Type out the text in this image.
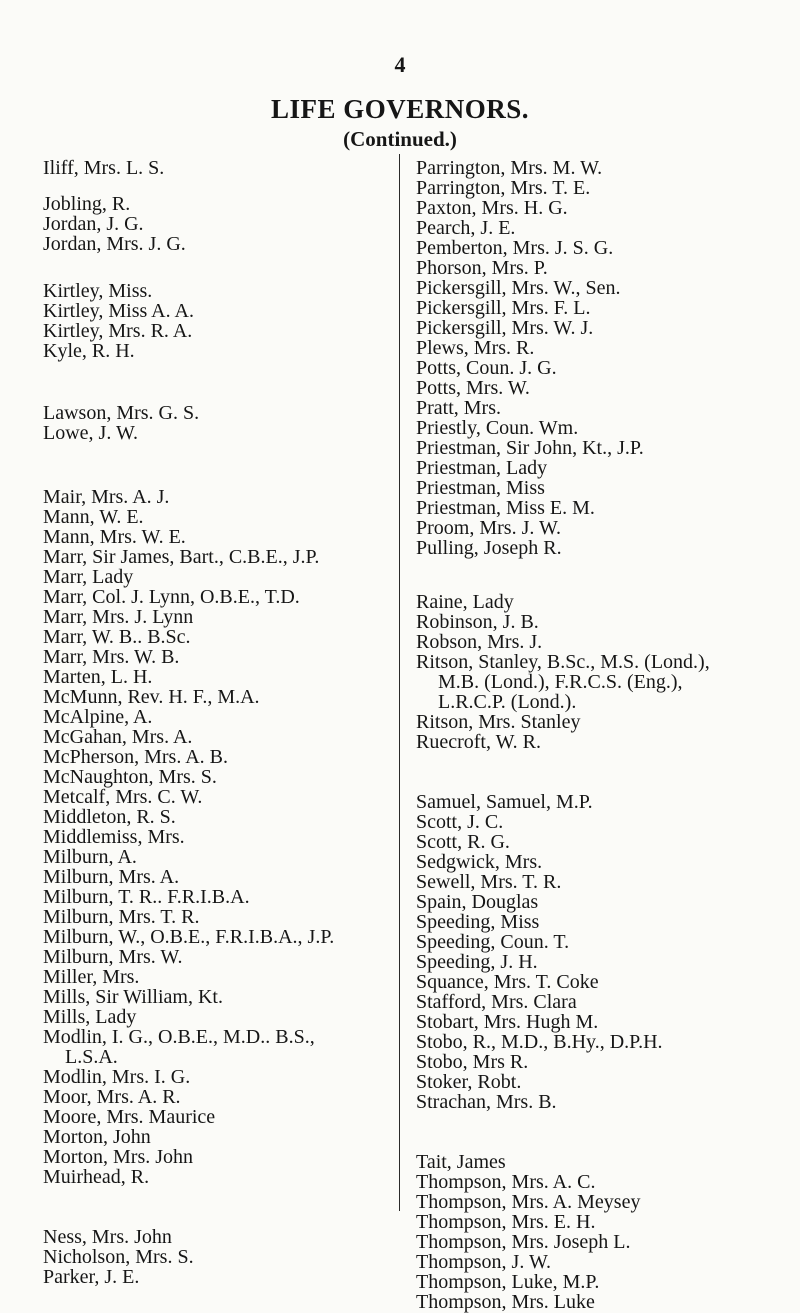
4
LIFE GOVERNORS.
(Continued.)
Iliff, Mrs. L. S.
Jobling, R.
Jordan, J. G.
Jordan, Mrs. J. G.
Kirtley, Miss.
Kirtley, Miss A. A.
Kirtley, Mrs. R. A.
Kyle, R. H.
Lawson, Mrs. G. S.
Lowe, J. W.
Mair, Mrs. A. J.
Mann, W. E.
Mann, Mrs. W. E.
Marr, Sir James, Bart., C.B.E., J.P.
Marr, Lady
Marr, Col. J. Lynn, O.B.E., T.D.
Marr, Mrs. J. Lynn
Marr, W. B.. B.Sc.
Marr, Mrs. W. B.
Marten, L. H.
McMunn, Rev. H. F., M.A.
McAlpine, A.
McGahan, Mrs. A.
McPherson, Mrs. A. B.
McNaughton, Mrs. S.
Metcalf, Mrs. C. W.
Middleton, R. S.
Middlemiss, Mrs.
Milburn, A.
Milburn, Mrs. A.
Milburn, T. R.. F.R.I.B.A.
Milburn, Mrs. T. R.
Milburn, W., O.B.E., F.R.I.B.A., J.P.
Milburn, Mrs. W.
Miller, Mrs.
Mills, Sir William, Kt.
Mills, Lady
Modlin, I. G., O.B.E., M.D.. B.S.,
L.S.A.
Modlin, Mrs. I. G.
Moor, Mrs. A. R.
Moore, Mrs. Maurice
Morton, John
Morton, Mrs. John
Muirhead, R.
Ness, Mrs. John
Nicholson, Mrs. S.
Parker, J. E.
Parrington, Mrs. M. W.
Parrington, Mrs. T. E.
Paxton, Mrs. H. G.
Pearch, J. E.
Pemberton, Mrs. J. S. G.
Phorson, Mrs. P.
Pickersgill, Mrs. W., Sen.
Pickersgill, Mrs. F. L.
Pickersgill, Mrs. W. J.
Plews, Mrs. R.
Potts, Coun. J. G.
Potts, Mrs. W.
Pratt, Mrs.
Priestly, Coun. Wm.
Priestman, Sir John, Kt., J.P.
Priestman, Lady
Priestman, Miss
Priestman, Miss E. M.
Proom, Mrs. J. W.
Pulling, Joseph R.
Raine, Lady
Robinson, J. B.
Robson, Mrs. J.
Ritson, Stanley, B.Sc., M.S. (Lond.),
M.B. (Lond.), F.R.C.S. (Eng.),
L.R.C.P. (Lond.).
Ritson, Mrs. Stanley
Ruecroft, W. R.
Samuel, Samuel, M.P.
Scott, J. C.
Scott, R. G.
Sedgwick, Mrs.
Sewell, Mrs. T. R.
Spain, Douglas
Speeding, Miss
Speeding, Coun. T.
Speeding, J. H.
Squance, Mrs. T. Coke
Stafford, Mrs. Clara
Stobart, Mrs. Hugh M.
Stobo, R., M.D., B.Hy., D.P.H.
Stobo, Mrs R.
Stoker, Robt.
Strachan, Mrs. B.
Tait, James
Thompson, Mrs. A. C.
Thompson, Mrs. A. Meysey
Thompson, Mrs. E. H.
Thompson, Mrs. Joseph L.
Thompson, J. W.
Thompson, Luke, M.P.
Thompson, Mrs. Luke
